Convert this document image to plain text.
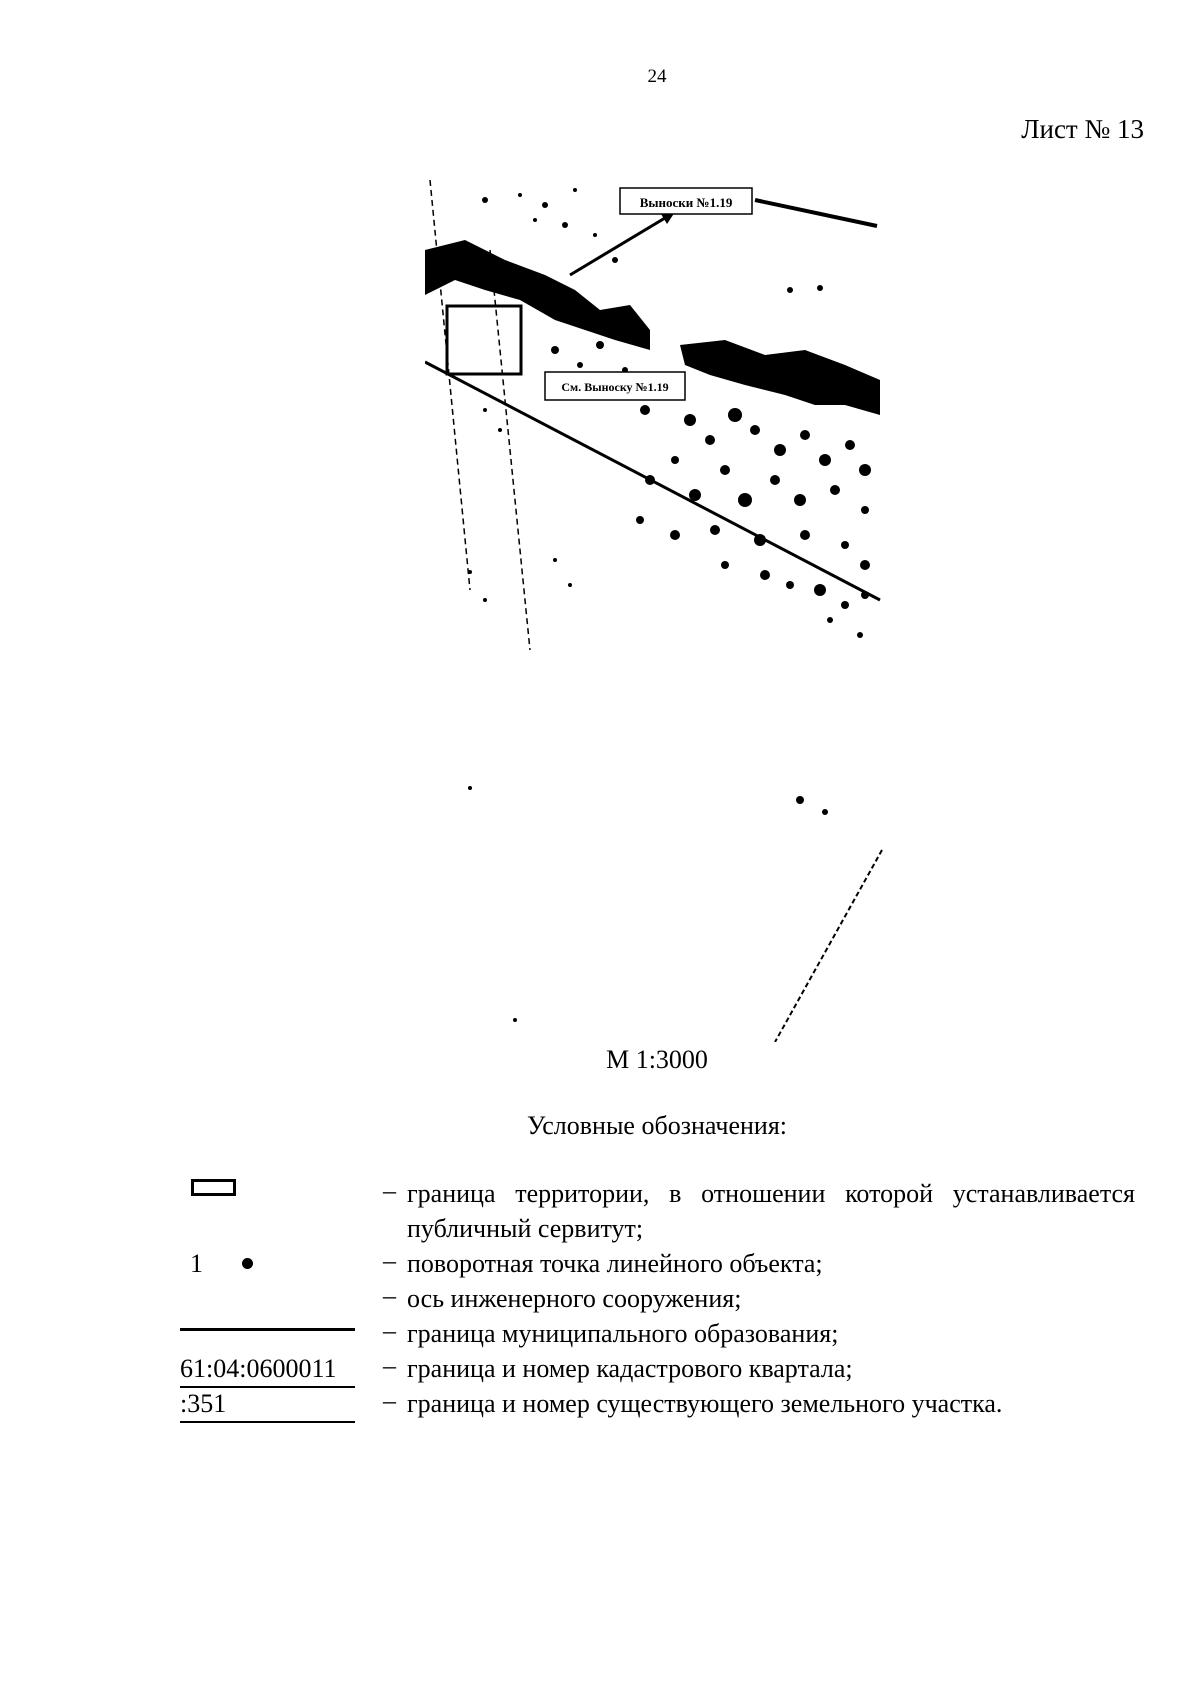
24
Лист № 13
Выноски №1.19
См. Выноску №1.19
М 1:3000
Условные обозначения:
– граница территории, в отношении которой устанавливается публичный сервитут;
1	– поворотная точка линейного объекта;
– ось инженерного сооружения;
– граница муниципального образования;
61:04:0600011	– граница и номер кадастрового квартала;
:351	– граница и номер существующего земельного участка.
